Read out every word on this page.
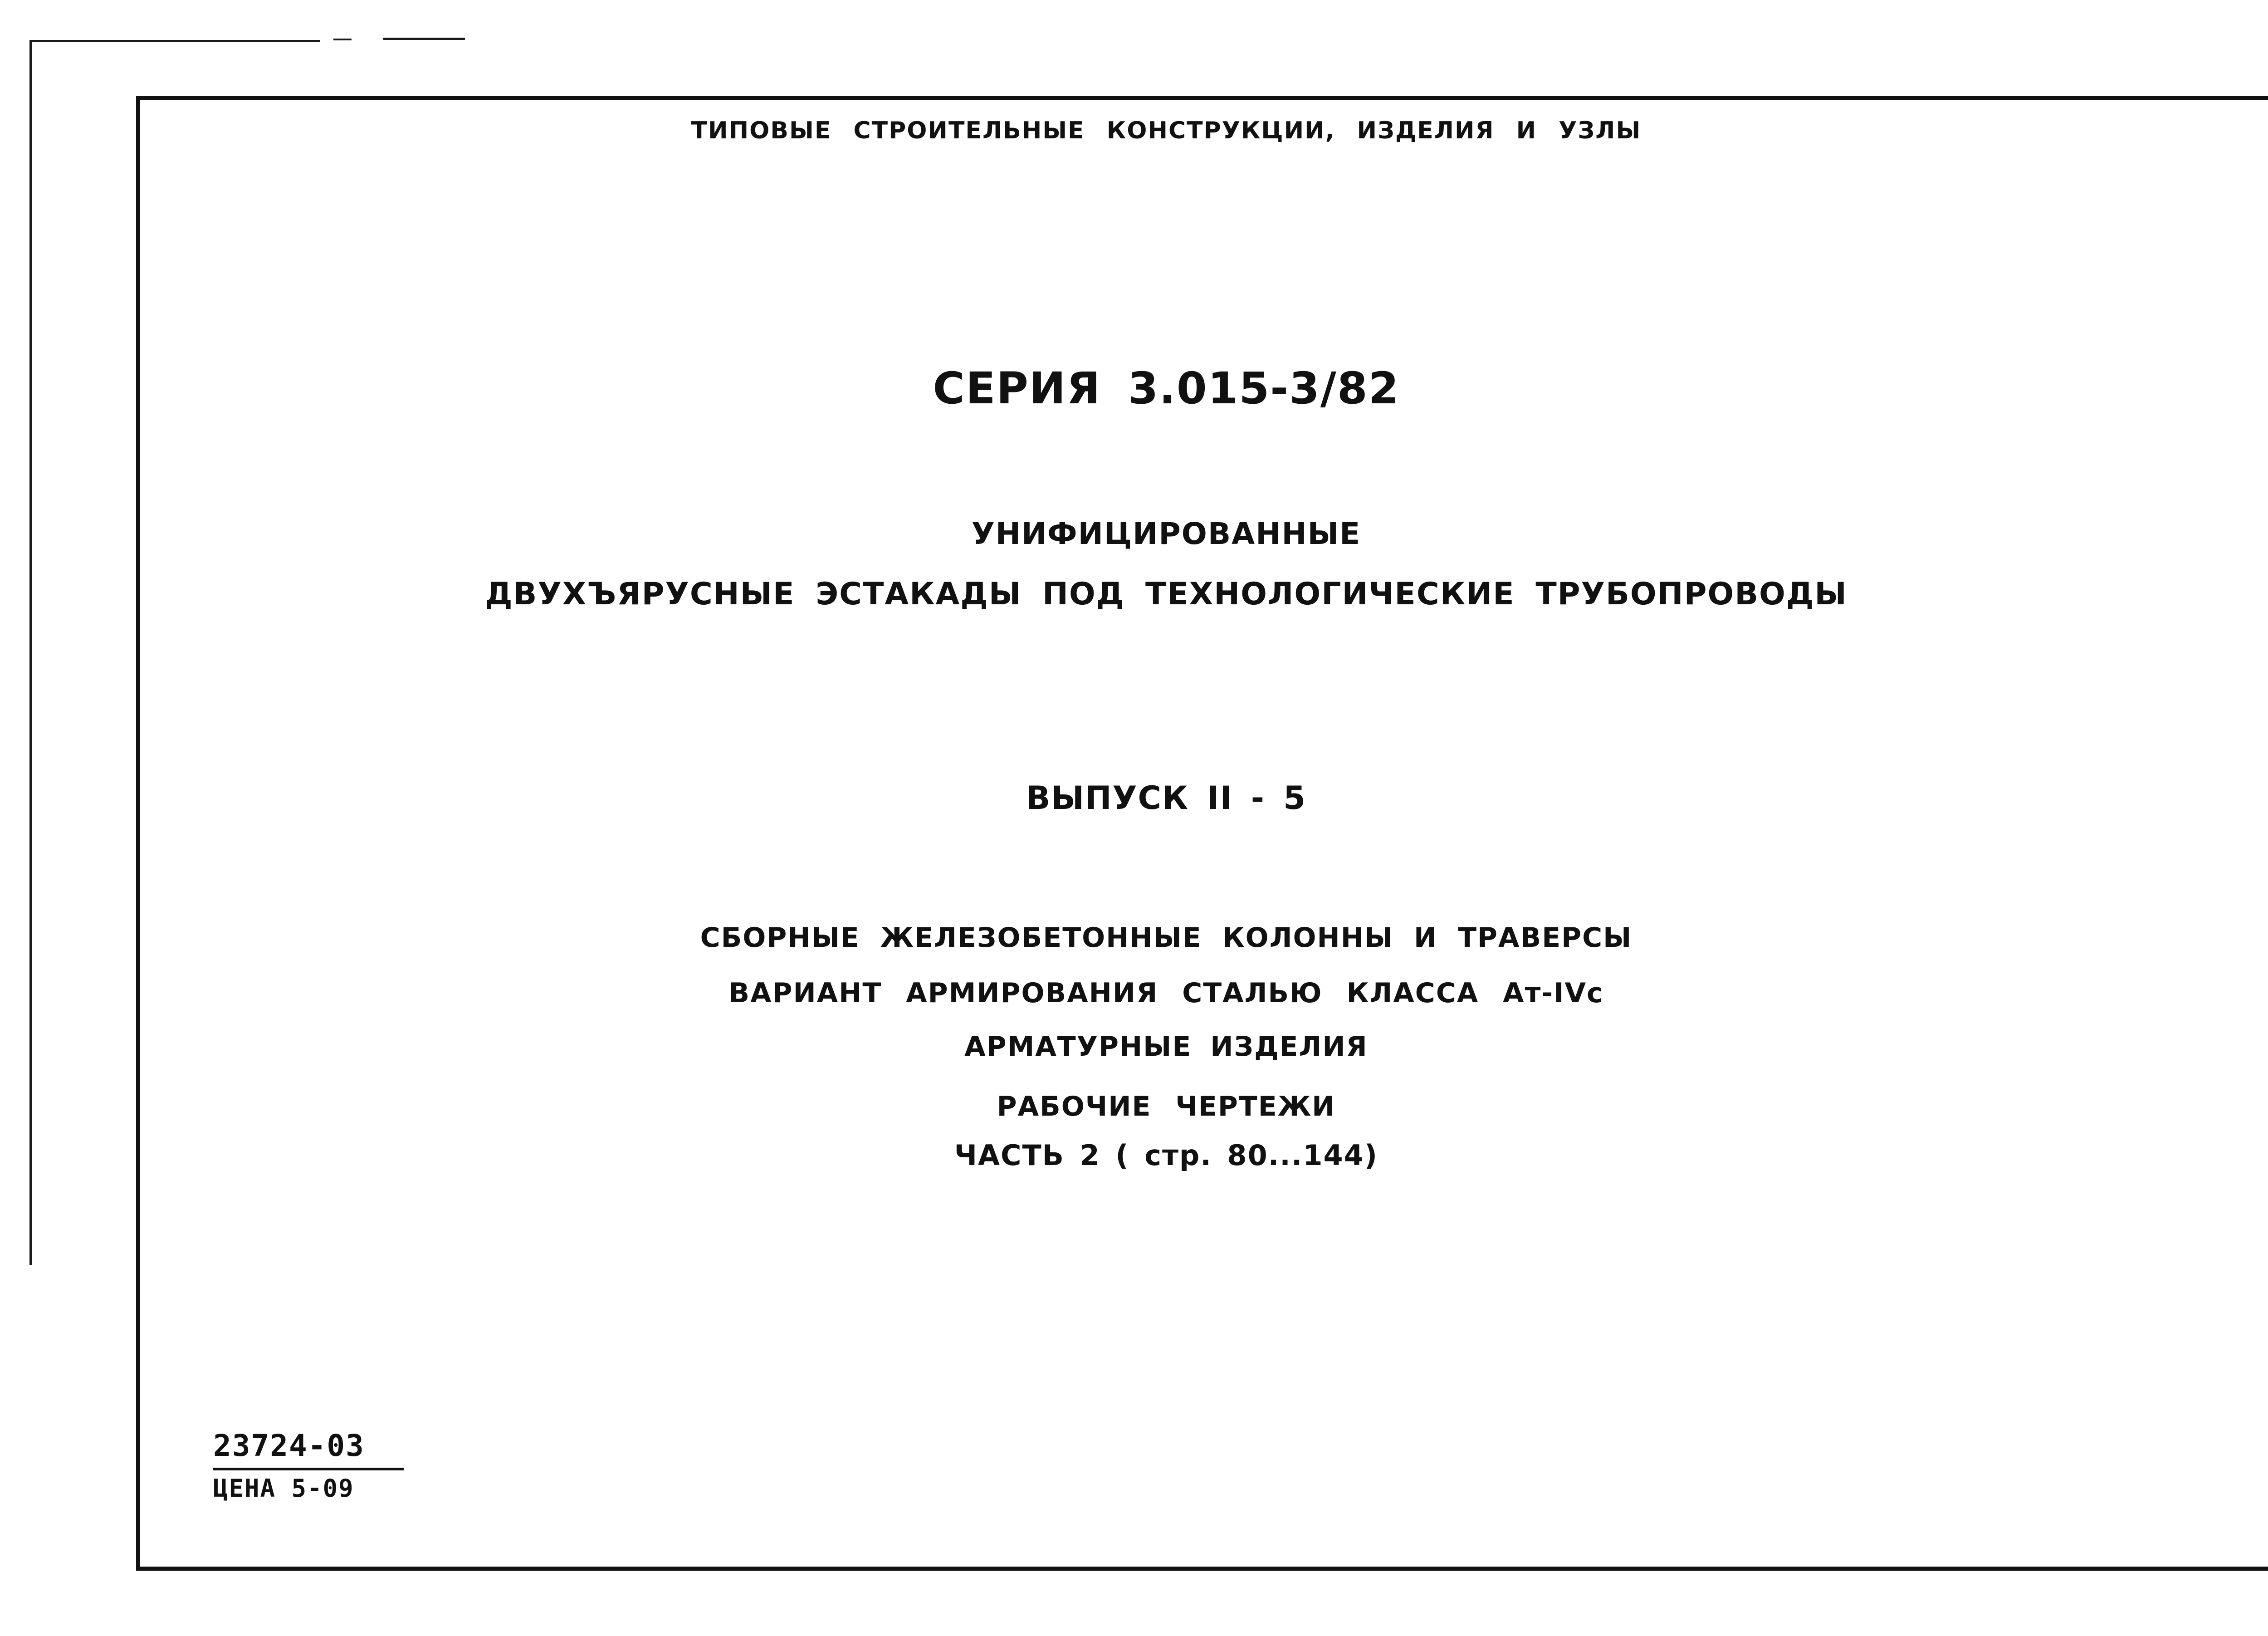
ТИПОВЫЕ СТРОИТЕЛЬНЫЕ КОНСТРУКЦИИ, ИЗДЕЛИЯ И УЗЛЫ
СЕРИЯ 3.015-3/82
УНИФИЦИРОВАННЫЕ
ДВУХЪЯРУСНЫЕ ЭСТАКАДЫ ПОД ТЕХНОЛОГИЧЕСКИЕ ТРУБОПРОВОДЫ
ВЫПУСК II - 5
СБОРНЫЕ ЖЕЛЕЗОБЕТОННЫЕ КОЛОННЫ И ТРАВЕРСЫ
ВАРИАНТ АРМИРОВАНИЯ СТАЛЬЮ КЛАССА Ат-IVс
АРМАТУРНЫЕ ИЗДЕЛИЯ
РАБОЧИЕ ЧЕРТЕЖИ
ЧАСТЬ 2 ( стр. 80...144)
23724-03
ЦЕНА 5-09
